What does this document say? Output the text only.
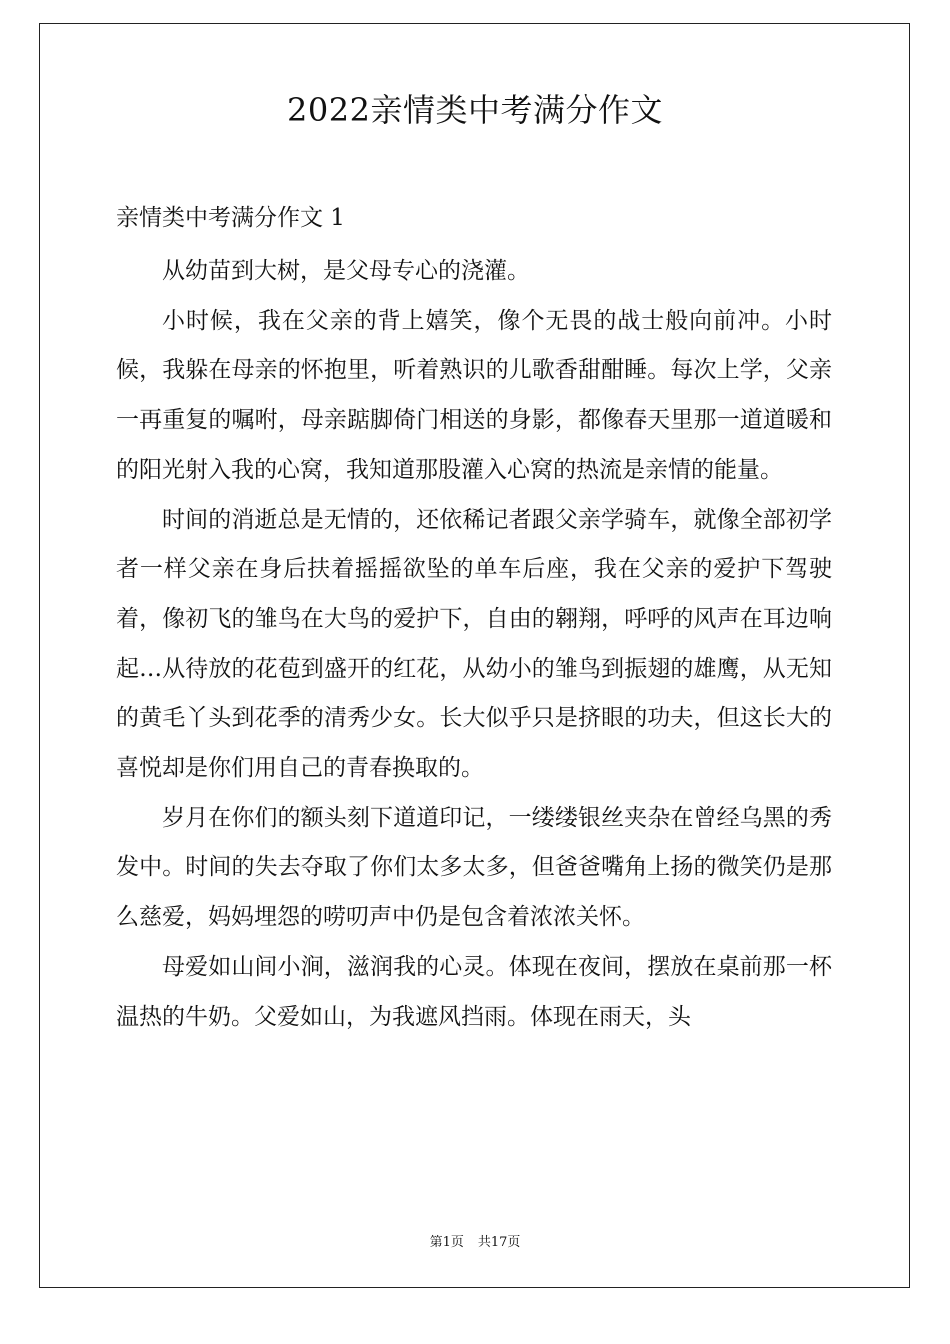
2022亲情类中考满分作文
亲情类中考满分作文 1

从幼苗到大树，是父母专心的浇灌。

小时候，我在父亲的背上嬉笑，像个无畏的战士般向前冲。小时候，我躲在母亲的怀抱里，听着熟识的儿歌香甜酣睡。每次上学，父亲一再重复的嘱咐，母亲踮脚倚门相送的身影，都像春天里那一道道暖和的阳光射入我的心窝，我知道那股灌入心窝的热流是亲情的能量。

时间的消逝总是无情的，还依稀记者跟父亲学骑车，就像全部初学者一样父亲在身后扶着摇摇欲坠的单车后座，我在父亲的爱护下驾驶着，像初飞的雏鸟在大鸟的爱护下，自由的翱翔，呼呼的风声在耳边响起…从待放的花苞到盛开的红花，从幼小的雏鸟到振翅的雄鹰，从无知的黄毛丫头到花季的清秀少女。长大似乎只是挤眼的功夫，但这长大的喜悦却是你们用自己的青春换取的。

岁月在你们的额头刻下道道印记，一缕缕银丝夹杂在曾经乌黑的秀发中。时间的失去夺取了你们太多太多，但爸爸嘴角上扬的微笑仍是那么慈爱，妈妈埋怨的唠叨声中仍是包含着浓浓关怀。

母爱如山间小涧，滋润我的心灵。体现在夜间，摆放在桌前那一杯温热的牛奶。父爱如山，为我遮风挡雨。体现在雨天，头

第1页 共17页
